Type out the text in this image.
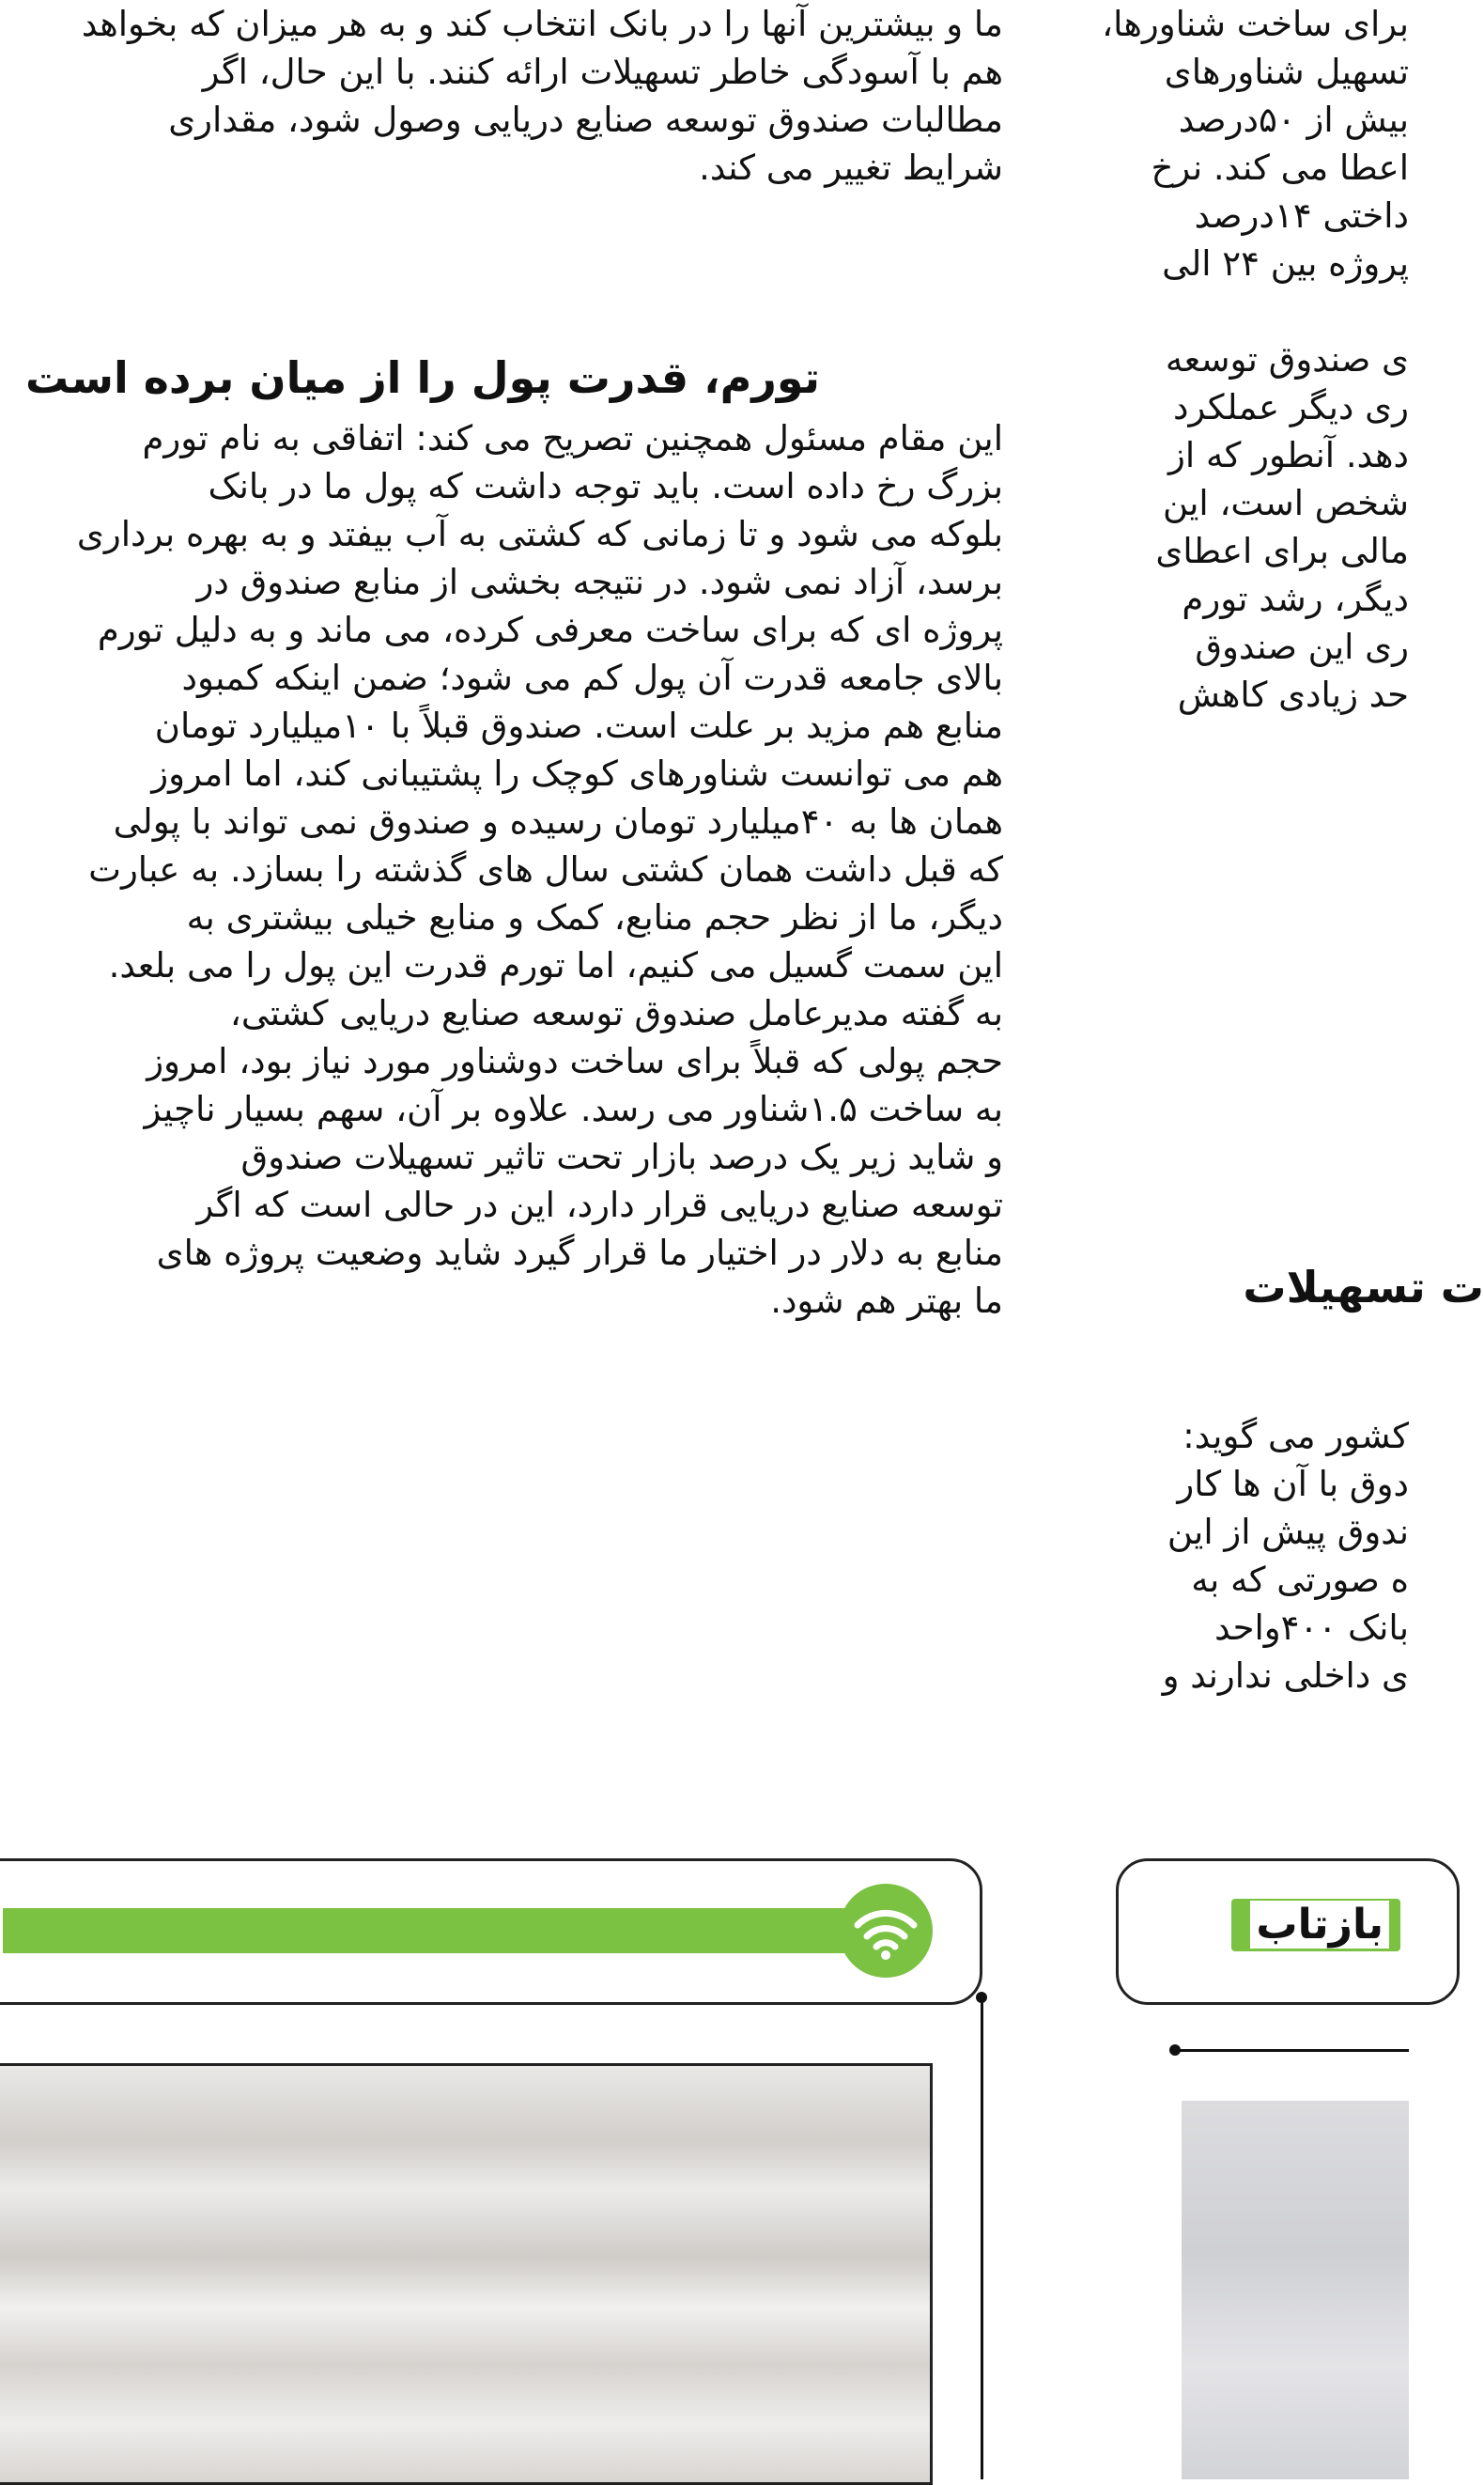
ما و بیشترین آنها را در بانک انتخاب کند و به هر میزان که بخواهد
هم با آسودگی خاطر تسهیلات ارائه کنند. با این حال، اگر
مطالبات صندوق توسعه صنایع دریایی وصول شود، مقداری
شرایط تغییر می کند.
تورم، قدرت پول را از میان برده است
این مقام مسئول همچنین تصریح می کند: اتفاقی به نام تورم
بزرگ رخ داده است. باید توجه داشت که پول ما در بانک
بلوکه می شود و تا زمانی که کشتی به آب بیفتد و به بهره برداری
برسد، آزاد نمی شود. در نتیجه بخشی از منابع صندوق در
پروژه ای که برای ساخت معرفی کرده، می ماند و به دلیل تورم
بالای جامعه قدرت آن پول کم می شود؛ ضمن اینکه کمبود
منابع هم مزید بر علت است. صندوق قبلاً با ۱۰میلیارد تومان
هم می توانست شناورهای کوچک را پشتیبانی کند، اما امروز
همان ها به ۴۰میلیارد تومان رسیده و صندوق نمی تواند با پولی
که قبل داشت همان کشتی سال های گذشته را بسازد. به عبارت
دیگر، ما از نظر حجم منابع، کمک و منابع خیلی بیشتری به
این سمت گسیل می کنیم، اما تورم قدرت این پول را می بلعد.
به گفته مدیرعامل صندوق توسعه صنایع دریایی کشتی،
حجم پولی که قبلاً برای ساخت دوشناور مورد نیاز بود، امروز
به ساخت ۱.۵شناور می رسد. علاوه بر آن، سهم بسیار ناچیز
و شاید زیر یک درصد بازار تحت تاثیر تسهیلات صندوق
توسعه صنایع دریایی قرار دارد، این در حالی است که اگر
منابع به دلار در اختیار ما قرار گیرد شاید وضعیت پروژه های
ما بهتر هم شود.
برای ساخت شناورها،
تسهیل شناورهای
بیش از ۵۰درصد
اعطا می کند. نرخ
داختی ۱۴درصد
پروژه بین ۲۴ الی
ی صندوق توسعه
ری دیگر عملکرد
دهد. آنطور که از
شخص است، این
مالی برای اعطای
دیگر، رشد تورم
ری این صندوق
حد زیادی کاهش
ت تسهیلات
کشور می گوید:
دوق با آن ها کار
ندوق پیش از این
ه صورتی که به
بانک ۴۰۰واحد
ی داخلی ندارند و
بازتاب
